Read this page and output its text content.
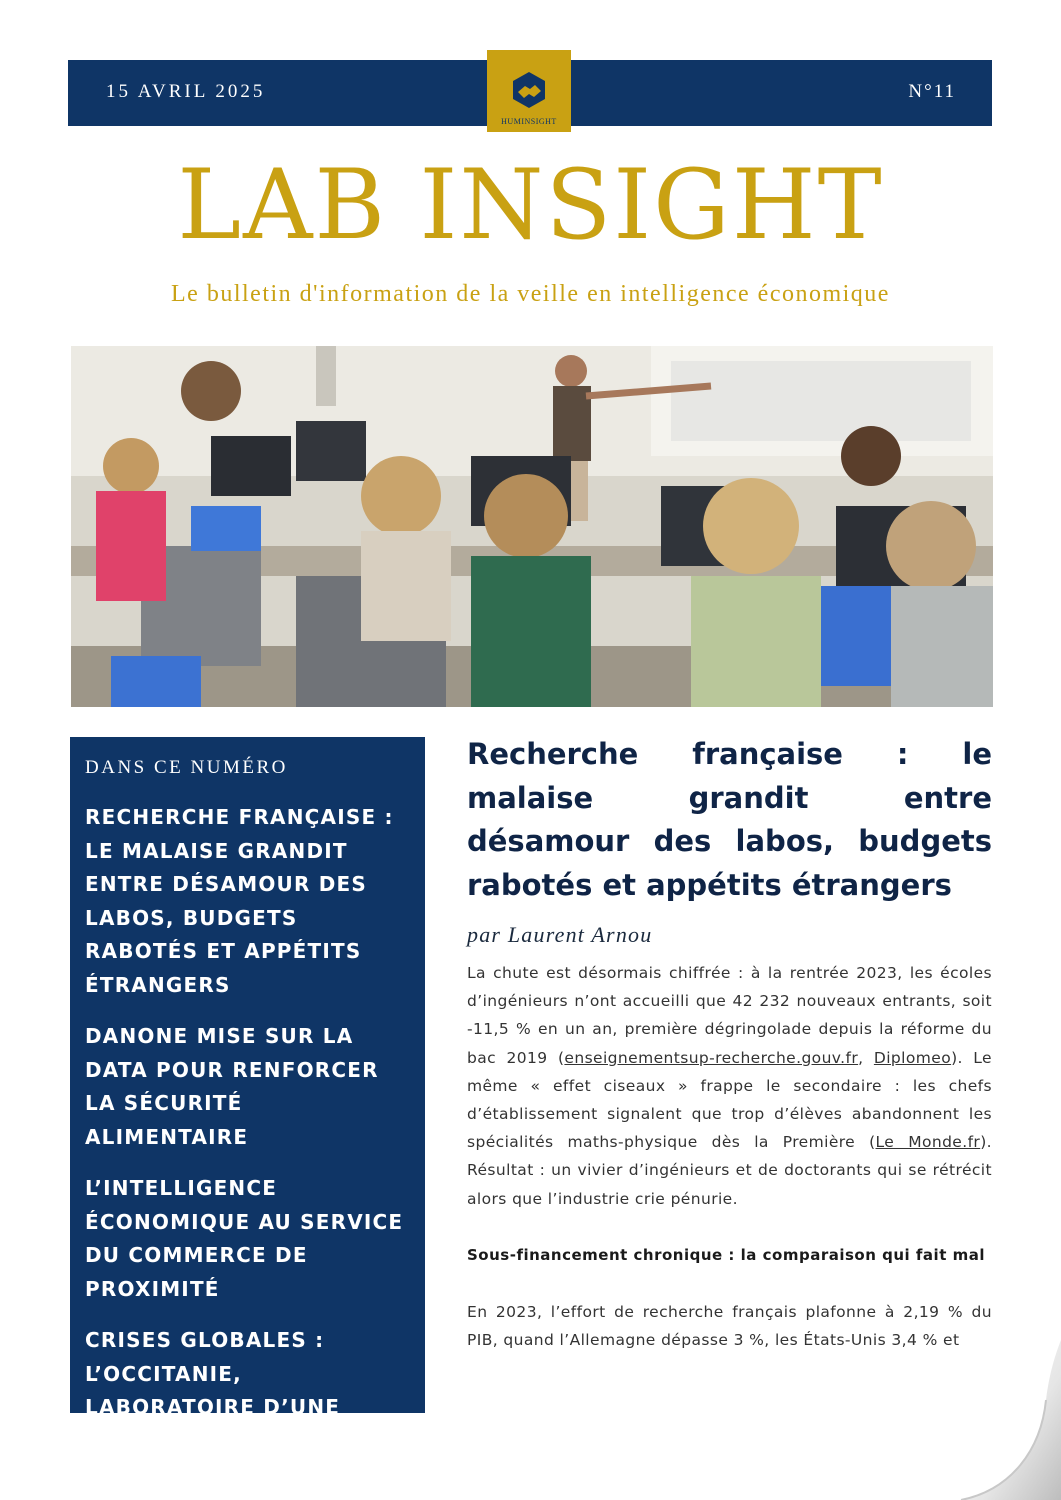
15 AVRIL 2025	N°11
HUMINSIGHT
LAB INSIGHT
Le bulletin d'information de la veille en intelligence économique
DANS CE NUMÉRO
RECHERCHE FRANÇAISE : LE MALAISE GRANDIT ENTRE DÉSAMOUR DES LABOS, BUDGETS RABOTÉS ET APPÉTITS ÉTRANGERS
DANONE MISE SUR LA DATA POUR RENFORCER LA SÉCURITÉ ALIMENTAIRE
L’INTELLIGENCE ÉCONOMIQUE AU SERVICE DU COMMERCE DE PROXIMITÉ
CRISES GLOBALES : L’OCCITANIE, LABORATOIRE D’UNE RÉPONSE « GLOCALE”
Recherche française : le malaise grandit entre désamour des labos, budgets rabotés et appétits étrangers
par Laurent Arnou
La chute est désormais chiffrée : à la rentrée 2023, les écoles d’ingénieurs n’ont accueilli que 42 232 nouveaux entrants, soit -11,5 % en un an, première dégringolade depuis la réforme du bac 2019 (enseignementsup-recherche.gouv.fr, Diplomeo). Le même « effet ciseaux » frappe le secondaire : les chefs d’établissement signalent que trop d’élèves abandonnent les spécialités maths-physique dès la Première (Le Monde.fr). Résultat : un vivier d’ingénieurs et de doctorants qui se rétrécit alors que l’industrie crie pénurie.
Sous-financement chronique : la comparaison qui fait mal
En 2023, l’effort de recherche français plafonne à 2,19 % du PIB, quand l’Allemagne dépasse 3 %, les États-Unis 3,4 % et
